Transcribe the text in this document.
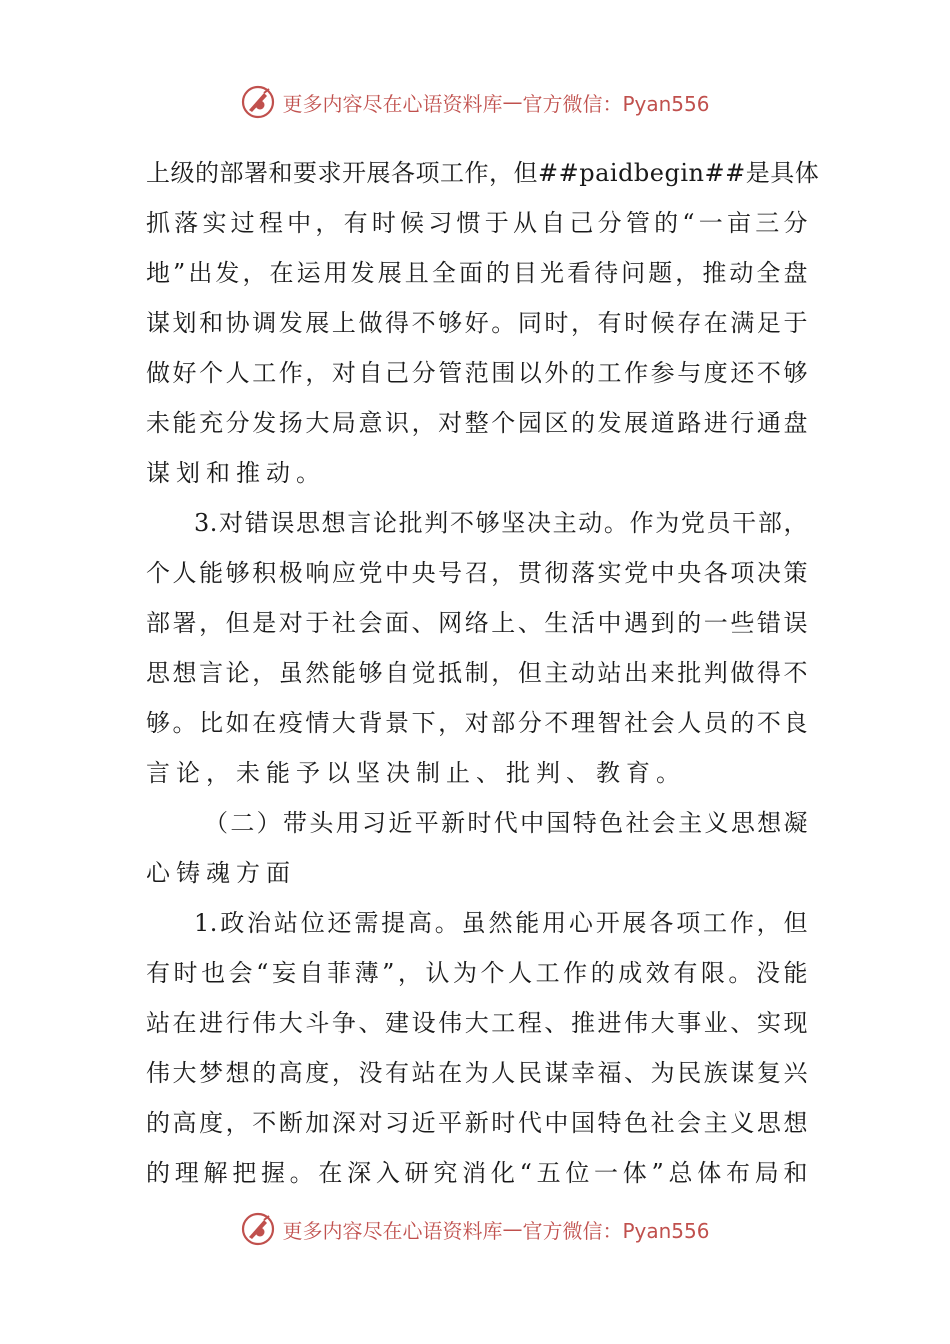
更多内容尽在心语资料库 — 官方微信：Pyan556
上级的部署和要求开展各项工作，但##paidbegin##是具体
抓落实过程中，有时候习惯于从自己分管的“一亩三分
地”出发，在运用发展且全面的目光看待问题，推动全盘
谋划和协调发展上做得不够好。同时，有时候存在满足于
做好个人工作，对自己分管范围以外的工作参与度还不够
未能充分发扬大局意识，对整个园区的发展道路进行通盘
谋划和推动。
3.对错误思想言论批判不够坚决主动。作为党员干部，
个人能够积极响应党中央号召，贯彻落实党中央各项决策
部署，但是对于社会面、网络上、生活中遇到的一些错误
思想言论，虽然能够自觉抵制，但主动站出来批判做得不
够。比如在疫情大背景下，对部分不理智社会人员的不良
言论，未能予以坚决制止、批判、教育。
（二）带头用习近平新时代中国特色社会主义思想凝
心铸魂方面
1.政治站位还需提高。虽然能用心开展各项工作，但
有时也会“妄自菲薄”，认为个人工作的成效有限。没能
站在进行伟大斗争、建设伟大工程、推进伟大事业、实现
伟大梦想的高度，没有站在为人民谋幸福、为民族谋复兴
的高度，不断加深对习近平新时代中国特色社会主义思想
的理解把握。在深入研究消化“五位一体”总体布局和
更多内容尽在心语资料库 — 官方微信：Pyan556
